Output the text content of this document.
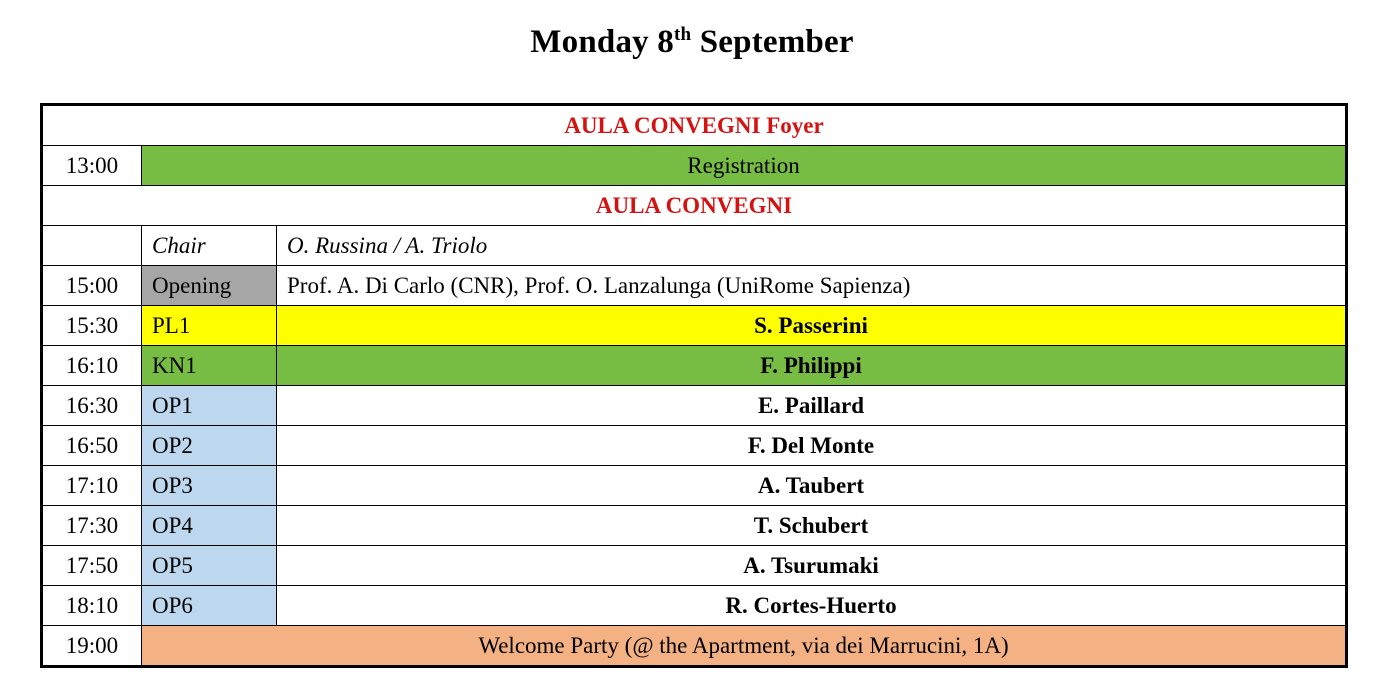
Monday 8th September
AULA CONVEGNI Foyer		
13:00	Registration	
AULA CONVEGNI		
	Chair	O. Russina / A. Triolo
15:00	Opening	Prof. A. Di Carlo (CNR), Prof. O. Lanzalunga (UniRome Sapienza)
15:30	PL1	S. Passerini
16:10	KN1	F. Philippi
16:30	OP1	E. Paillard
16:50	OP2	F. Del Monte
17:10	OP3	A. Taubert
17:30	OP4	T. Schubert
17:50	OP5	A. Tsurumaki
18:10	OP6	R. Cortes-Huerto
19:00	Welcome Party (@ the Apartment, via dei Marrucini, 1A)	
